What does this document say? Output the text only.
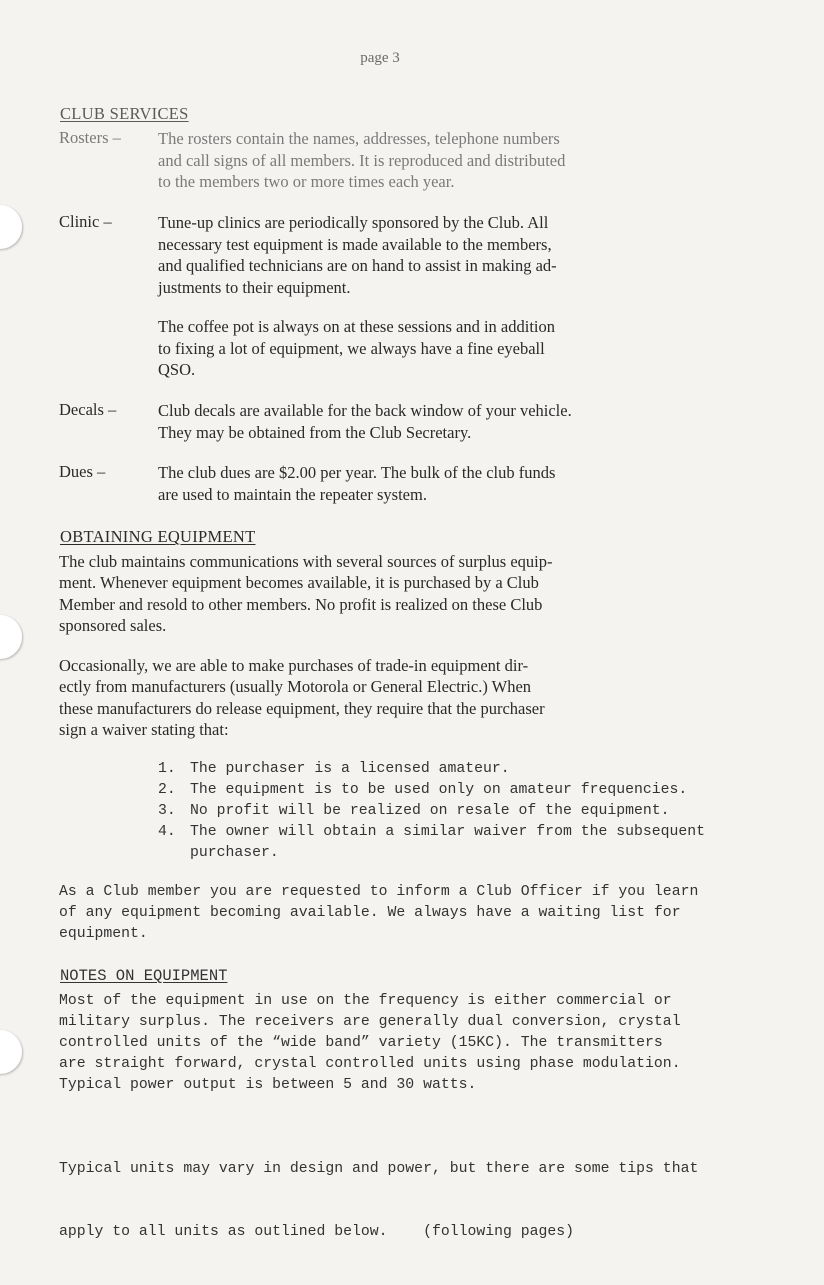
page 3
CLUB SERVICES
Rosters – The rosters contain the names, addresses, telephone numbers
and call signs of all members. It is reproduced and distributed
to the members two or more times each year.
Clinic –	Tune-up clinics are periodically sponsored by the Club. All
necessary test equipment is made available to the members,
and qualified technicians are on hand to assist in making ad-
justments to their equipment.
The coffee pot is always on at these sessions and in addition
to fixing a lot of equipment, we always have a fine eyeball
QSO.
Decals –	Club decals are available for the back window of your vehicle.
They may be obtained from the Club Secretary.
Dues –	The club dues are $2.00 per year. The bulk of the club funds
are used to maintain the repeater system.
OBTAINING EQUIPMENT
The club maintains communications with several sources of surplus equip-
ment. Whenever equipment becomes available, it is purchased by a Club
Member and resold to other members. No profit is realized on these Club
sponsored sales.
Occasionally, we are able to make purchases of trade-in equipment dir-
ectly from manufacturers (usually Motorola or General Electric.) When
these manufacturers do release equipment, they require that the purchaser
sign a waiver stating that:
1. The purchaser is a licensed amateur.
2. The equipment is to be used only on amateur frequencies.
3. No profit will be realized on resale of the equipment.
4. The owner will obtain a similar waiver from the subsequent purchaser.
As a Club member you are requested to inform a Club Officer if you learn
of any equipment becoming available. We always have a waiting list for
equipment.
NOTES ON EQUIPMENT
Most of the equipment in use on the frequency is either commercial or
military surplus. The receivers are generally dual conversion, crystal
controlled units of the “wide band” variety (15KC). The transmitters
are straight forward, crystal controlled units using phase modulation.
Typical power output is between 5 and 30 watts.

Typical units may vary in design and power, but there are some tips that

apply to all units as outlined below.    (following pages)
